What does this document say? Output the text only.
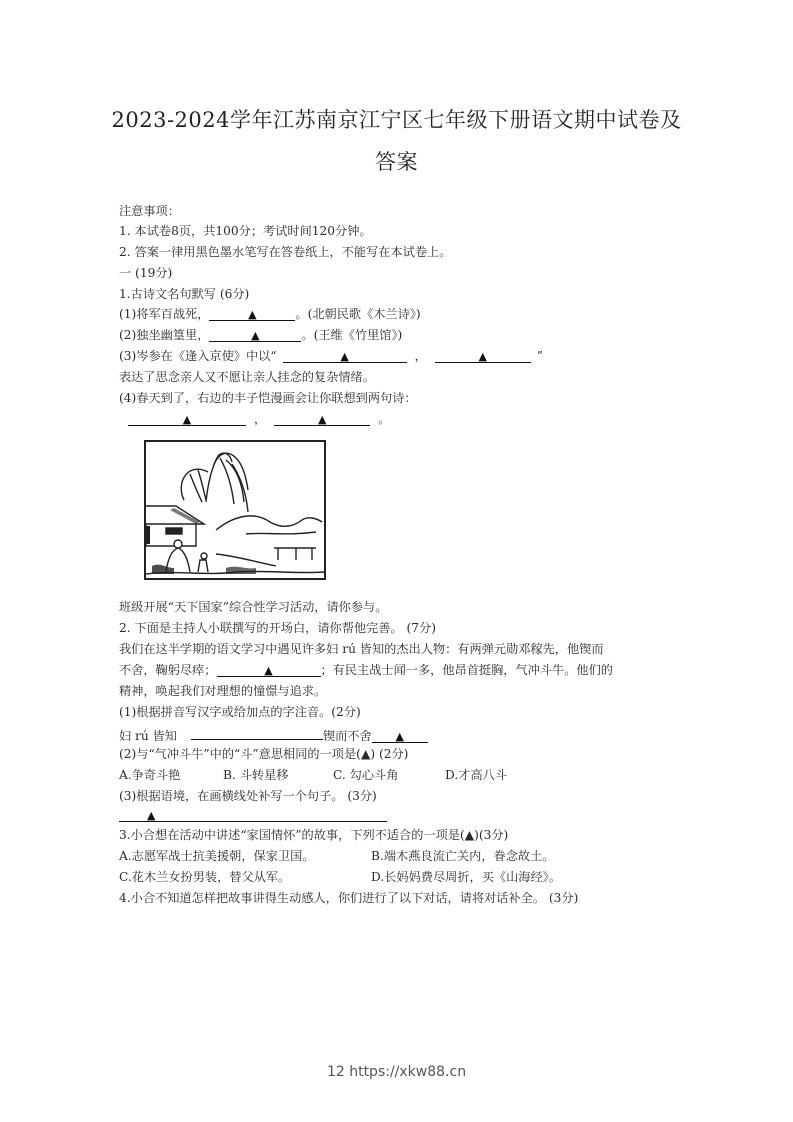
2023-2024学年江苏南京江宁区七年级下册语文期中试卷及
答案
注意事项：
1. 本试卷8页，共100分；考试时间120分钟。
2. 答案一律用黑色墨水笔写在答卷纸上，不能写在本试卷上。
一 (19分)
1.古诗文名句默写 (6分)
(1)将军百战死，	▲	。(北朝民歌《木兰诗》)
(2)独坐幽篁里，	▲	。(王维《竹里馆》)
(3)岑参在《逢入京使》中以“	▲	，	▲	”
表达了思念亲人又不愿让亲人挂念的复杂情绪。
(4)春天到了，右边的丰子恺漫画会让你联想到两句诗：
▲	，	▲	。
班级开展“天下国家”综合性学习活动，请你参与。
2. 下面是主持人小联撰写的开场白，请你帮他完善。 (7分)
我们在这半学期的语文学习中遇见许多妇 rú 皆知的杰出人物：有两弹元勋邓稼先，他锲而
不舍，鞠躬尽瘁；	▲	；有民主战士闻一多，他昂首挺胸，气冲斗牛。他们的
精神，唤起我们对理想的憧憬与追求。
(1)根据拼音写汉字或给加点的字注音。(2分)
妇 rú 皆知	锲而不舍 ▲
(2)与“气冲斗牛”中的“斗”意思相同的一项是(▲) (2分)
A.争奇斗艳	B. 斗转星移	C. 勾心斗角	D.才高八斗
(3)根据语境，在画横线处补写一个句子。 (3分)
▲
3.小合想在活动中讲述“家国情怀”的故事，下列不适合的一项是(▲)(3分)
A.志愿军战士抗美援朝，保家卫国。	B.端木燕良流亡关内，眷念故土。
C.花木兰女扮男装，替父从军。	D.长妈妈费尽周折，买《山海经》。
4.小合不知道怎样把故事讲得生动感人，你们进行了以下对话，请将对话补全。 (3分)
12 https://xkw88.cn
